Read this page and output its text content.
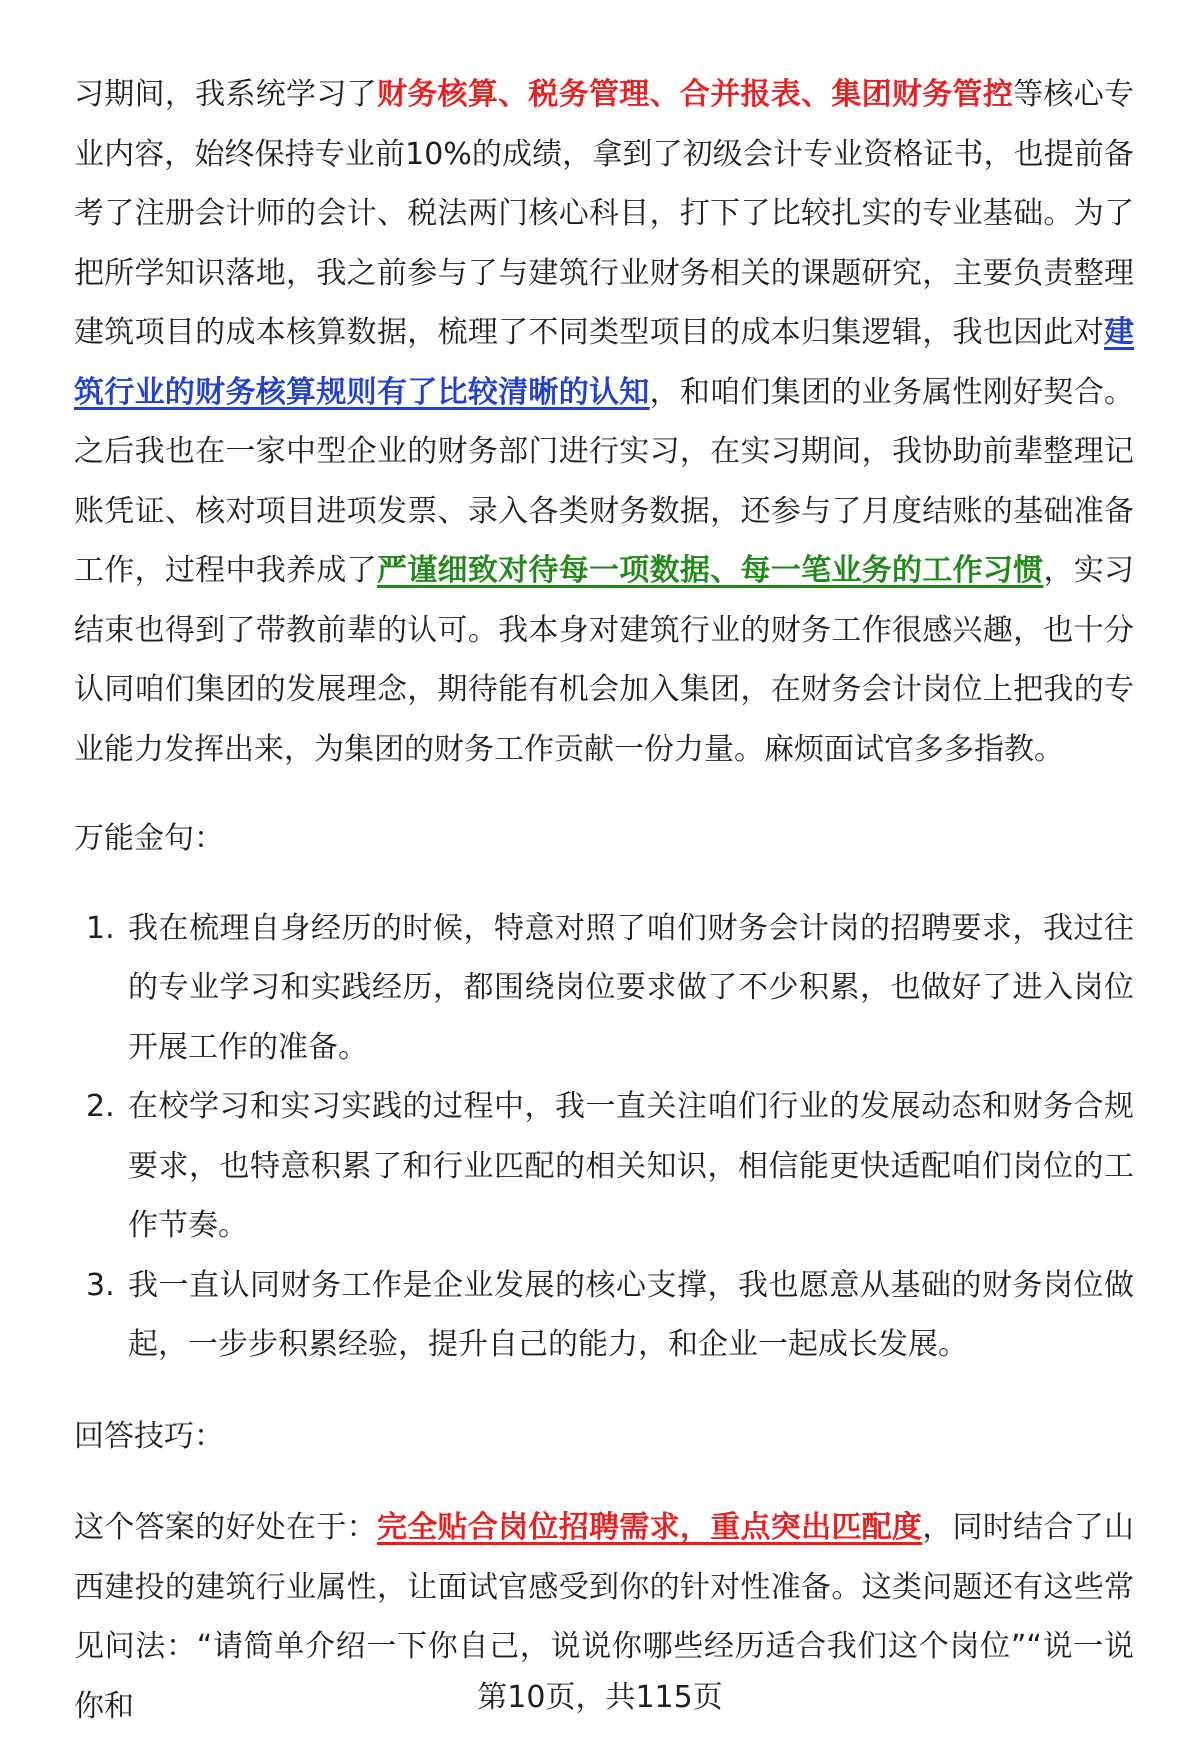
习期间，我系统学习了财务核算、税务管理、合并报表、集团财务管控等核心专业内容，始终保持专业前10%的成绩，拿到了初级会计专业资格证书，也提前备考了注册会计师的会计、税法两门核心科目，打下了比较扎实的专业基础。为了把所学知识落地，我之前参与了与建筑行业财务相关的课题研究，主要负责整理建筑项目的成本核算数据，梳理了不同类型项目的成本归集逻辑，我也因此对建筑行业的财务核算规则有了比较清晰的认知，和咱们集团的业务属性刚好契合。之后我也在一家中型企业的财务部门进行实习，在实习期间，我协助前辈整理记账凭证、核对项目进项发票、录入各类财务数据，还参与了月度结账的基础准备工作，过程中我养成了严谨细致对待每一项数据、每一笔业务的工作习惯，实习结束也得到了带教前辈的认可。我本身对建筑行业的财务工作很感兴趣，也十分认同咱们集团的发展理念，期待能有机会加入集团，在财务会计岗位上把我的专业能力发挥出来，为集团的财务工作贡献一份力量。麻烦面试官多多指教。

万能金句：

1. 我在梳理自身经历的时候，特意对照了咱们财务会计岗的招聘要求，我过往的专业学习和实践经历，都围绕岗位要求做了不少积累，也做好了进入岗位开展工作的准备。
2. 在校学习和实习实践的过程中，我一直关注咱们行业的发展动态和财务合规要求，也特意积累了和行业匹配的相关知识，相信能更快适配咱们岗位的工作节奏。
3. 我一直认同财务工作是企业发展的核心支撑，我也愿意从基础的财务岗位做起，一步步积累经验，提升自己的能力，和企业一起成长发展。

回答技巧：

这个答案的好处在于：完全贴合岗位招聘需求，重点突出匹配度，同时结合了山西建投的建筑行业属性，让面试官感受到你的针对性准备。这类问题还有这些常见问法：“请简单介绍一下你自己，说说你哪些经历适合我们这个岗位”“说一说你和	第10页，共115页
